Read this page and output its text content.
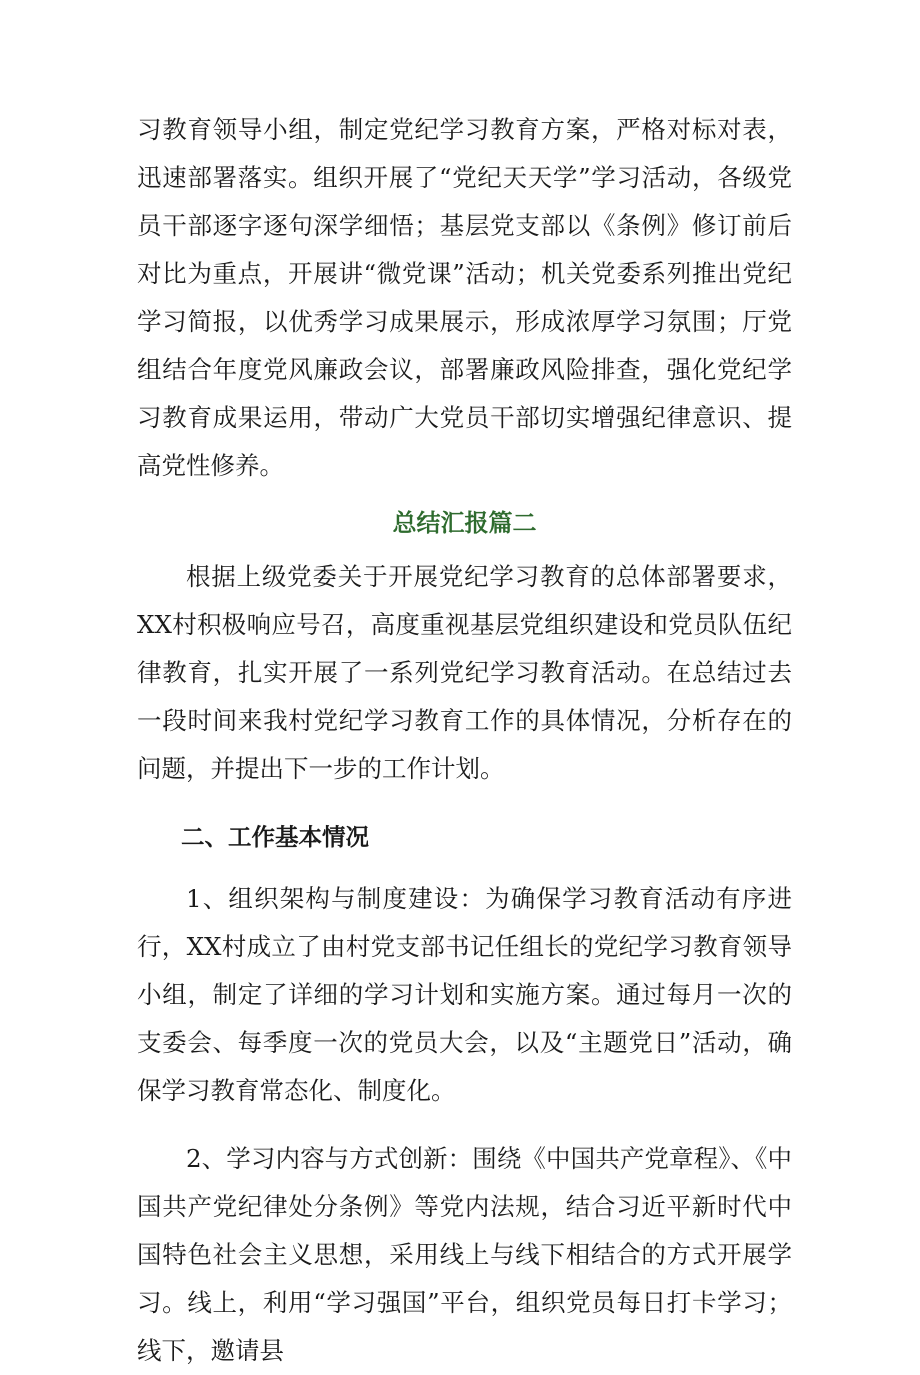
习教育领导小组，制定党纪学习教育方案，严格对标对表，迅速部署落实。组织开展了“党纪天天学”学习活动，各级党员干部逐字逐句深学细悟；基层党支部以《条例》修订前后对比为重点，开展讲“微党课”活动；机关党委系列推出党纪学习简报，以优秀学习成果展示，形成浓厚学习氛围；厅党组结合年度党风廉政会议，部署廉政风险排查，强化党纪学习教育成果运用，带动广大党员干部切实增强纪律意识、提高党性修养。

总结汇报篇二

根据上级党委关于开展党纪学习教育的总体部署要求，XX村积极响应号召，高度重视基层党组织建设和党员队伍纪律教育，扎实开展了一系列党纪学习教育活动。在总结过去一段时间来我村党纪学习教育工作的具体情况，分析存在的问题，并提出下一步的工作计划。

二、工作基本情况

1、组织架构与制度建设：为确保学习教育活动有序进行，XX村成立了由村党支部书记任组长的党纪学习教育领导小组，制定了详细的学习计划和实施方案。通过每月一次的支委会、每季度一次的党员大会，以及“主题党日”活动，确保学习教育常态化、制度化。

2、学习内容与方式创新：围绕《中国共产党章程》、《中国共产党纪律处分条例》等党内法规，结合习近平新时代中国特色社会主义思想，采用线上与线下相结合的方式开展学习。线上，利用“学习强国”平台，组织党员每日打卡学习；线下，邀请县
